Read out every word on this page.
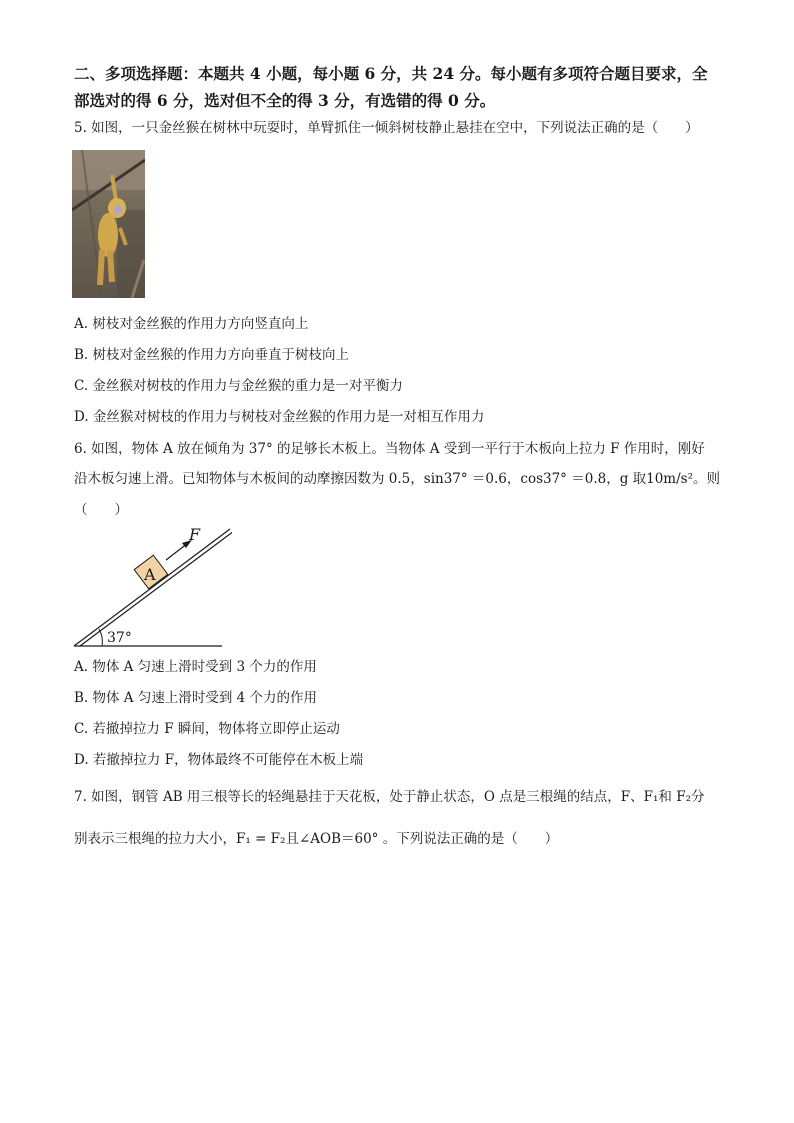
二、多项选择题：本题共 4 小题，每小题 6 分，共 24 分。每小题有多项符合题目要求，全
部选对的得 6 分，选对但不全的得 3 分，有选错的得 0 分。
5. 如图，一只金丝猴在树林中玩耍时，单臂抓住一倾斜树枝静止悬挂在空中，下列说法正确的是（　　）
A. 树枝对金丝猴的作用力方向竖直向上
B. 树枝对金丝猴的作用力方向垂直于树枝向上
C. 金丝猴对树枝的作用力与金丝猴的重力是一对平衡力
D. 金丝猴对树枝的作用力与树枝对金丝猴的作用力是一对相互作用力
6. 如图，物体 A 放在倾角为 37° 的足够长木板上。当物体 A 受到一平行于木板向上拉力 F 作用时，刚好
沿木板匀速上滑。已知物体与木板间的动摩擦因数为 0.5，sin37° ＝0.6，cos37° ＝0.8，g 取10m/s²。则
（　　）
A
F
37°
A. 物体 A 匀速上滑时受到 3 个力的作用
B. 物体 A 匀速上滑时受到 4 个力的作用
C. 若撤掉拉力 F 瞬间，物体将立即停止运动
D. 若撤掉拉力 F，物体最终不可能停在木板上端
7. 如图，钢管 AB 用三根等长的轻绳悬挂于天花板，处于静止状态，O 点是三根绳的结点，F、F₁和 F₂分
别表示三根绳的拉力大小，F₁ = F₂且∠AOB＝60° 。下列说法正确的是（　　）
